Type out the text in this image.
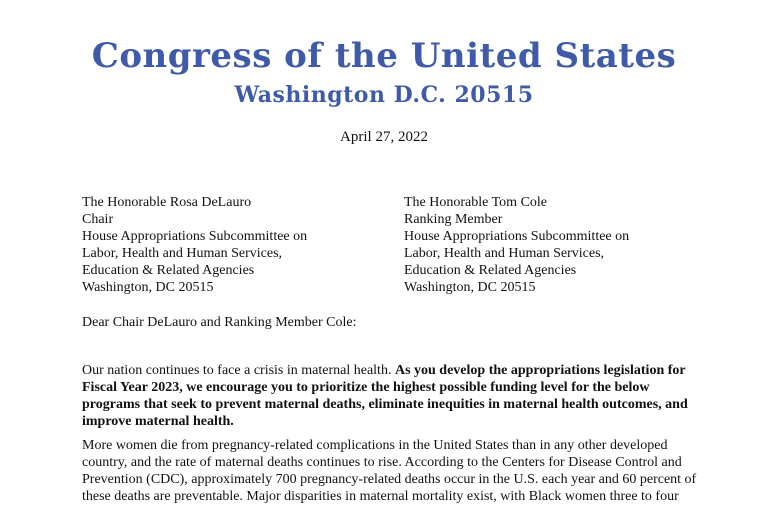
Congress of the United States
Washington D.C. 20515
April 27, 2022
The Honorable Rosa DeLauro
Chair
House Appropriations Subcommittee on
Labor, Health and Human Services,
Education & Related Agencies
Washington, DC 20515
The Honorable Tom Cole
Ranking Member
House Appropriations Subcommittee on
Labor, Health and Human Services,
Education & Related Agencies
Washington, DC 20515
Dear Chair DeLauro and Ranking Member Cole:

Our nation continues to face a crisis in maternal health. As you develop the appropriations legislation for
Fiscal Year 2023, we encourage you to prioritize the highest possible funding level for the below
programs that seek to prevent maternal deaths, eliminate inequities in maternal health outcomes, and
improve maternal health.

More women die from pregnancy-related complications in the United States than in any other developed
country, and the rate of maternal deaths continues to rise. According to the Centers for Disease Control and
Prevention (CDC), approximately 700 pregnancy-related deaths occur in the U.S. each year and 60 percent of
these deaths are preventable. Major disparities in maternal mortality exist, with Black women three to four
